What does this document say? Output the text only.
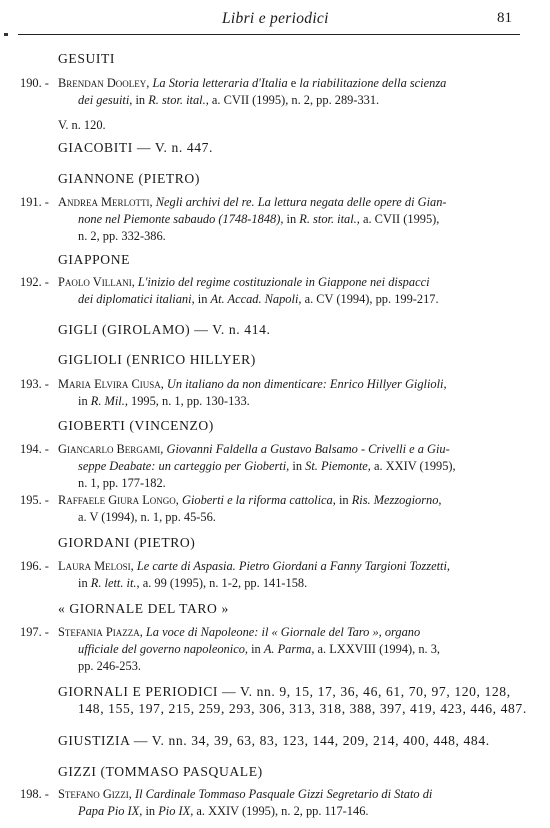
Libri e periodici	81
GESUITI
190. - Brendan Dooley, La Storia letteraria d'Italia e la riabilitazione della scienza
dei gesuiti, in R. stor. ital., a. CVII (1995), n. 2, pp. 289-331.
V. n. 120.
GIACOBITI — V. n. 447.
GIANNONE (PIETRO)
191. - Andrea Merlotti, Negli archivi del re. La lettura negata delle opere di Gian-
none nel Piemonte sabaudo (1748-1848), in R. stor. ital., a. CVII (1995),
n. 2, pp. 332-386.
GIAPPONE
192. - Paolo Villani, L'inizio del regime costituzionale in Giappone nei dispacci
dei diplomatici italiani, in At. Accad. Napoli, a. CV (1994), pp. 199-217.
GIGLI (GIROLAMO) — V. n. 414.
GIGLIOLI (ENRICO HILLYER)
193. - Maria Elvira Ciusa, Un italiano da non dimenticare: Enrico Hillyer Giglioli,
in R. Mil., 1995, n. 1, pp. 130-133.
GIOBERTI (VINCENZO)
194. - Giancarlo Bergami, Giovanni Faldella a Gustavo Balsamo - Crivelli e a Giu-
seppe Deabate: un carteggio per Gioberti, in St. Piemonte, a. XXIV (1995),
n. 1, pp. 177-182.
195. - Raffaele Giura Longo, Gioberti e la riforma cattolica, in Ris. Mezzogiorno,
a. V (1994), n. 1, pp. 45-56.
GIORDANI (PIETRO)
196. - Laura Melosi, Le carte di Aspasia. Pietro Giordani a Fanny Targioni Tozzetti,
in R. lett. it., a. 99 (1995), n. 1-2, pp. 141-158.
« GIORNALE DEL TARO »
197. - Stefania Piazza, La voce di Napoleone: il « Giornale del Taro », organo
ufficiale del governo napoleonico, in A. Parma, a. LXXVIII (1994), n. 3,
pp. 246-253.
GIORNALI E PERIODICI — V. nn. 9, 15, 17, 36, 46, 61, 70, 97, 120, 128,
148, 155, 197, 215, 259, 293, 306, 313, 318, 388, 397, 419, 423, 446, 487.
GIUSTIZIA — V. nn. 34, 39, 63, 83, 123, 144, 209, 214, 400, 448, 484.
GIZZI (TOMMASO PASQUALE)
198. - Stefano Gizzi, Il Cardinale Tommaso Pasquale Gizzi Segretario di Stato di
Papa Pio IX, in Pio IX, a. XXIV (1995), n. 2, pp. 117-146.
